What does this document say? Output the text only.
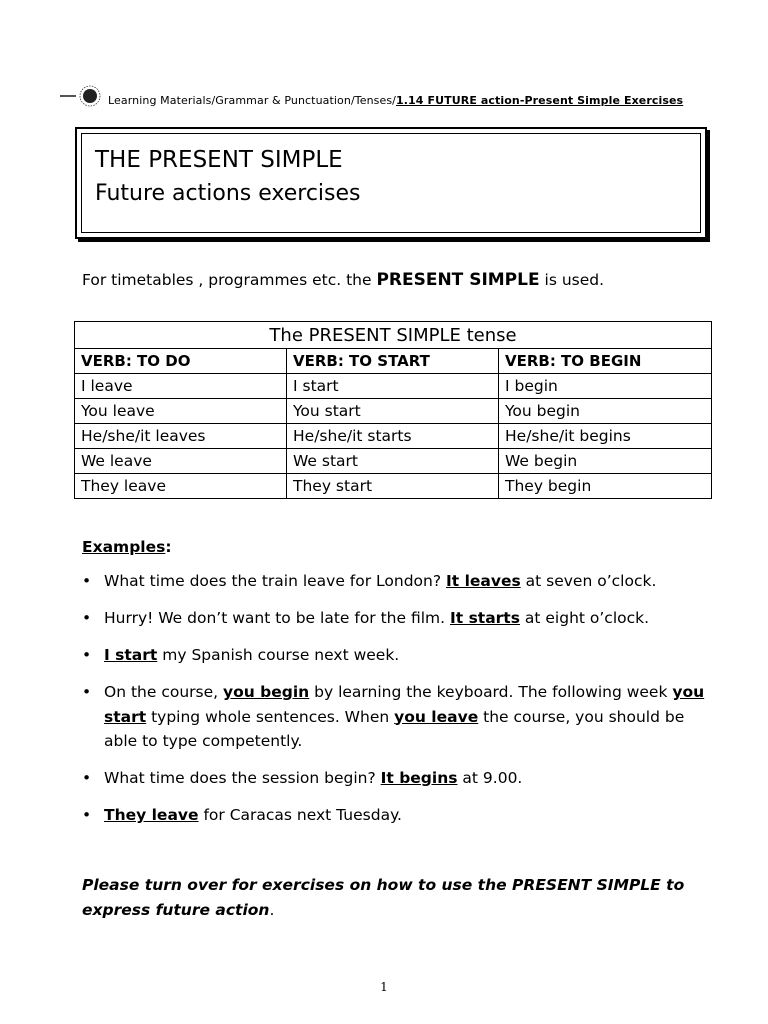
Learning Materials/Grammar & Punctuation/Tenses/1.14 FUTURE action-Present Simple Exercises
THE PRESENT SIMPLE
Future actions exercises
For timetables , programmes etc. the PRESENT SIMPLE is used.
The PRESENT SIMPLE tense		
VERB: TO DO	VERB: TO START	VERB: TO BEGIN
I leave	I start	I begin
You leave	You start	You begin
He/she/it leaves	He/she/it starts	He/she/it begins
We leave	We start	We begin
They leave	They start	They begin
Examples:
• What time does the train leave for London? It leaves at seven o’clock.
• Hurry! We don’t want to be late for the film. It starts at eight o’clock.
• I start my Spanish course next week.
• On the course, you begin by learning the keyboard. The following week you start typing whole sentences. When you leave the course, you should be able to type competently.
• What time does the session begin? It begins at 9.00.
• They leave for Caracas next Tuesday.
Please turn over for exercises on how to use the PRESENT SIMPLE to express future action.
1
